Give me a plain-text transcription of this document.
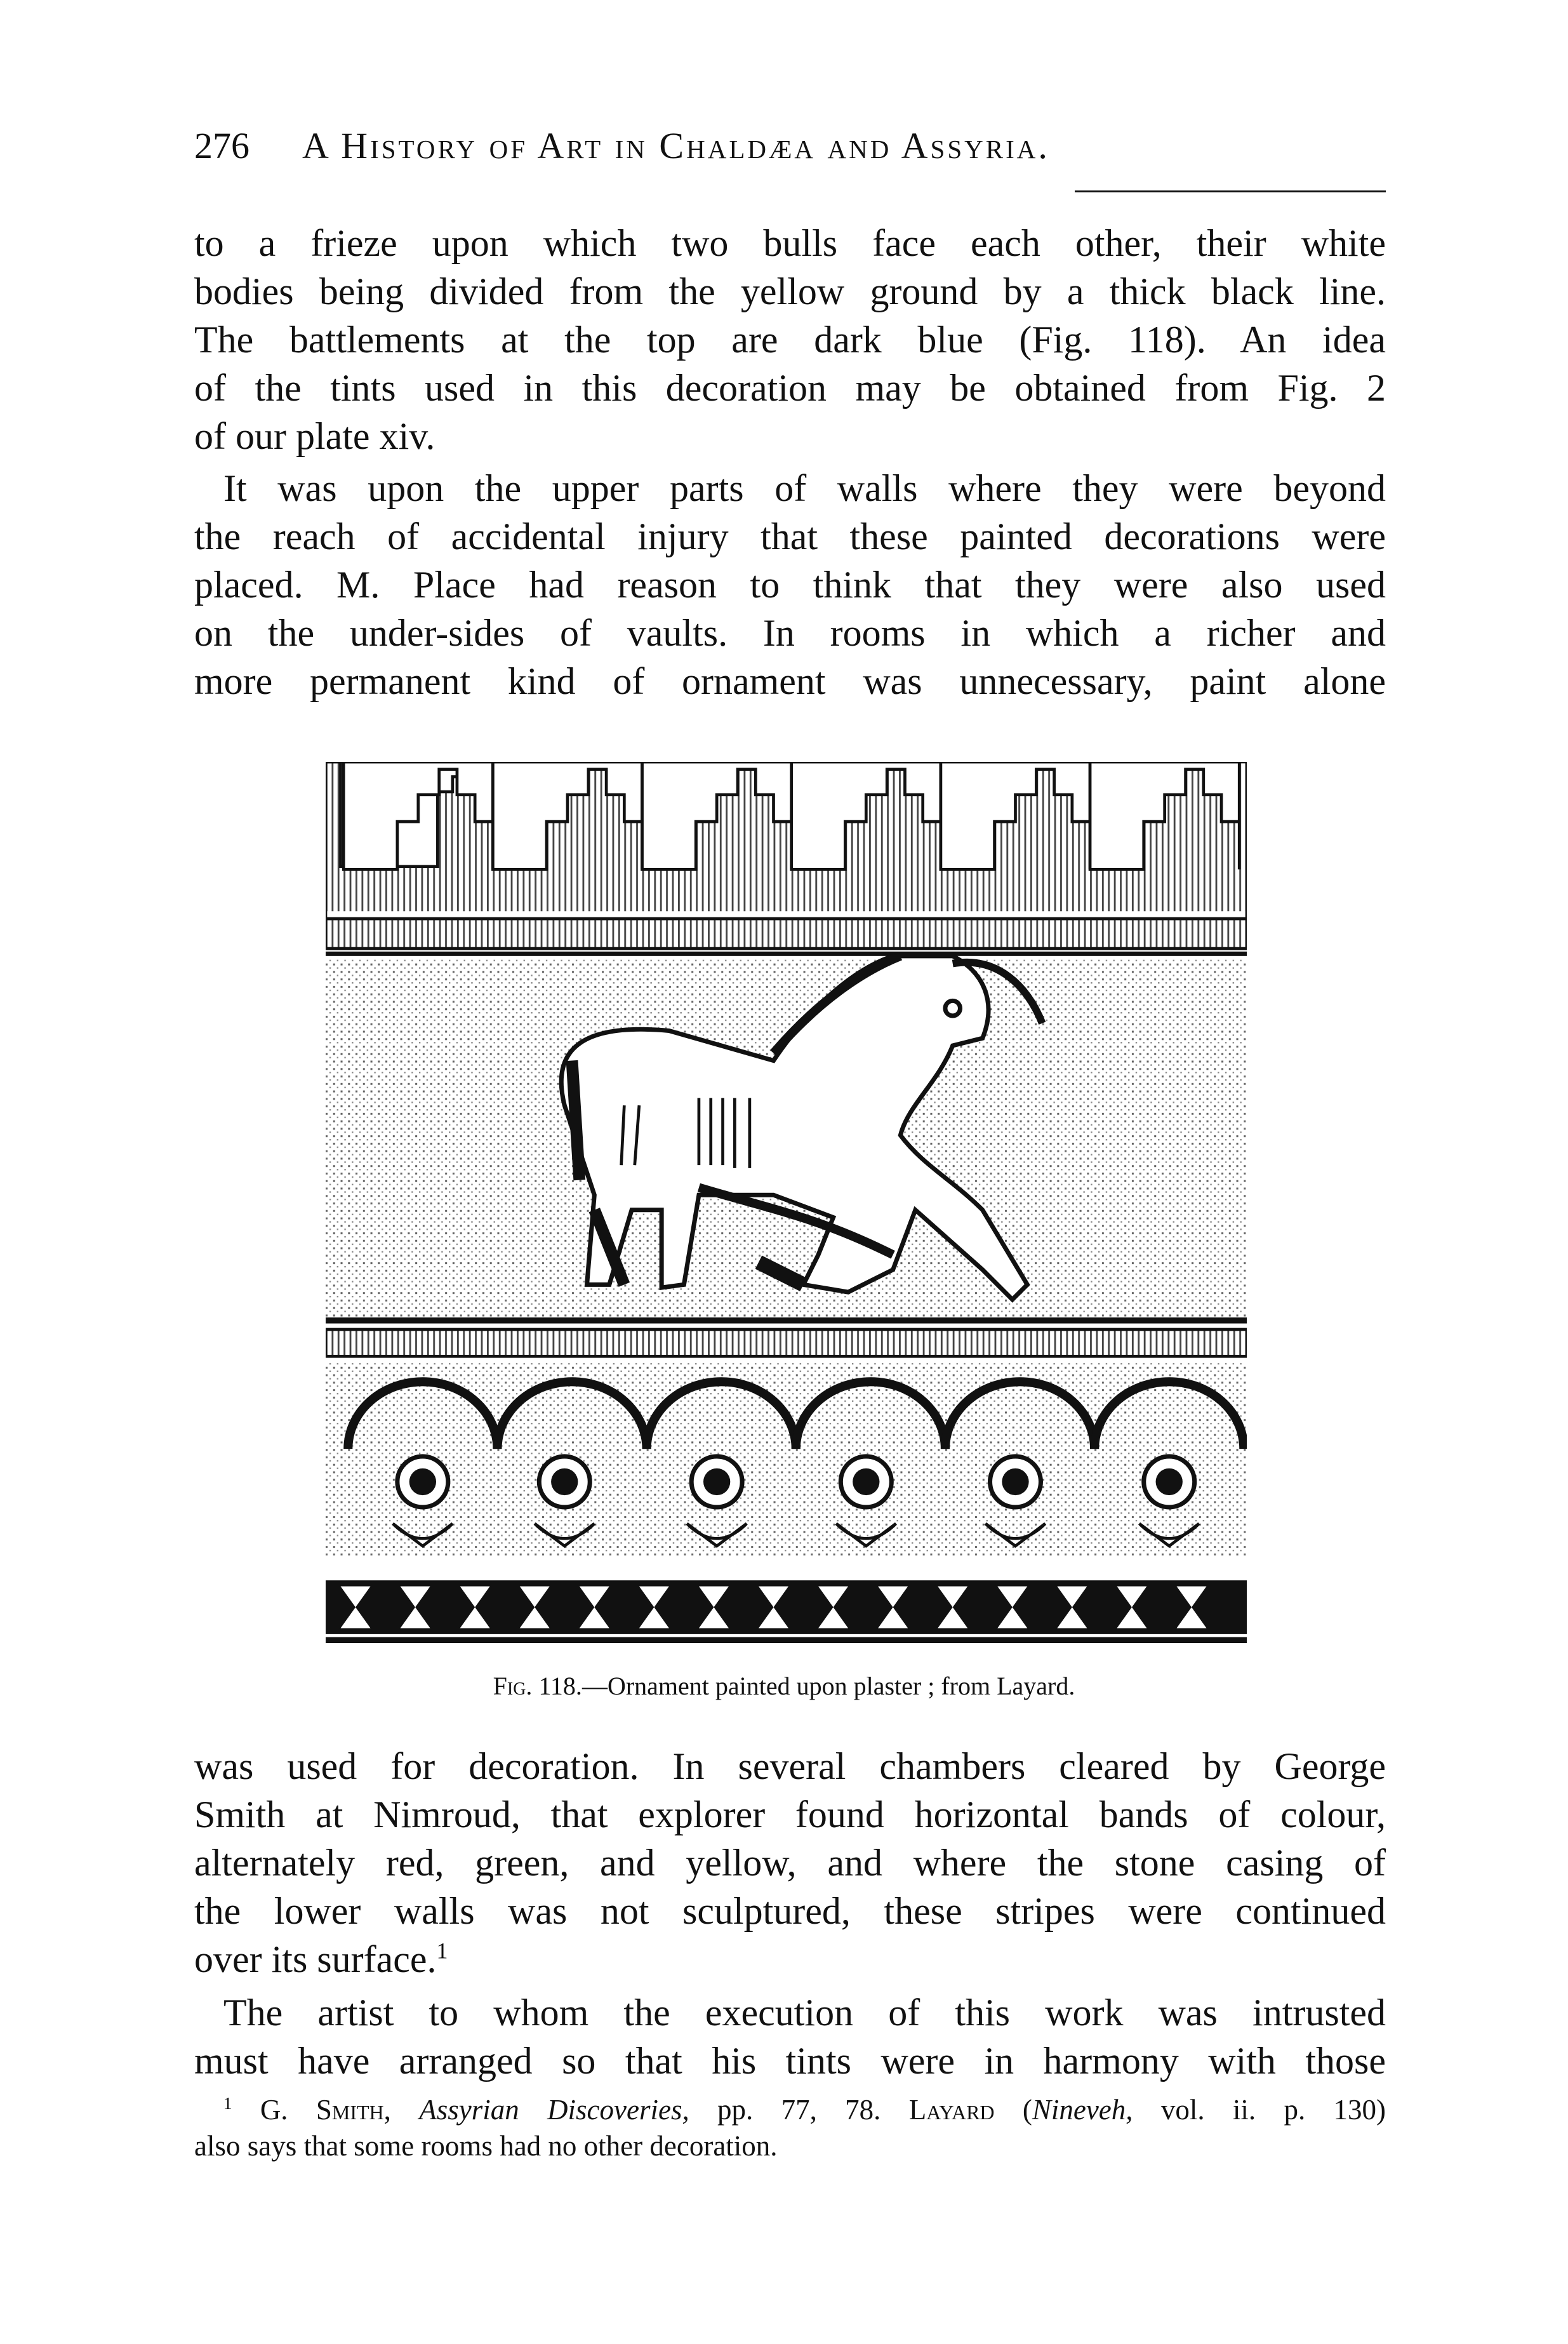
276 A History of Art in Chaldæa and Assyria.
to a frieze upon which two bulls face each other, their white
bodies being divided from the yellow ground by a thick black line.
The battlements at the top are dark blue (Fig. 118). An idea
of the tints used in this decoration may be obtained from Fig. 2
of our plate xiv.
It was upon the upper parts of walls where they were beyond
the reach of accidental injury that these painted decorations were
placed. M. Place had reason to think that they were also used
on the under-sides of vaults. In rooms in which a richer and
more permanent kind of ornament was unnecessary, paint alone
Fig. 118.—Ornament painted upon plaster ; from Layard.
was used for decoration. In several chambers cleared by George
Smith at Nimroud, that explorer found horizontal bands of colour,
alternately red, green, and yellow, and where the stone casing of
the lower walls was not sculptured, these stripes were continued
over its surface.$^1$
The artist to whom the execution of this work was intrusted
must have arranged so that his tints were in harmony with those
$^1$ G. Smith, Assyrian Discoveries, pp. 77, 78. Layard (Nineveh, vol. ii. p. 130)
also says that some rooms had no other decoration.
